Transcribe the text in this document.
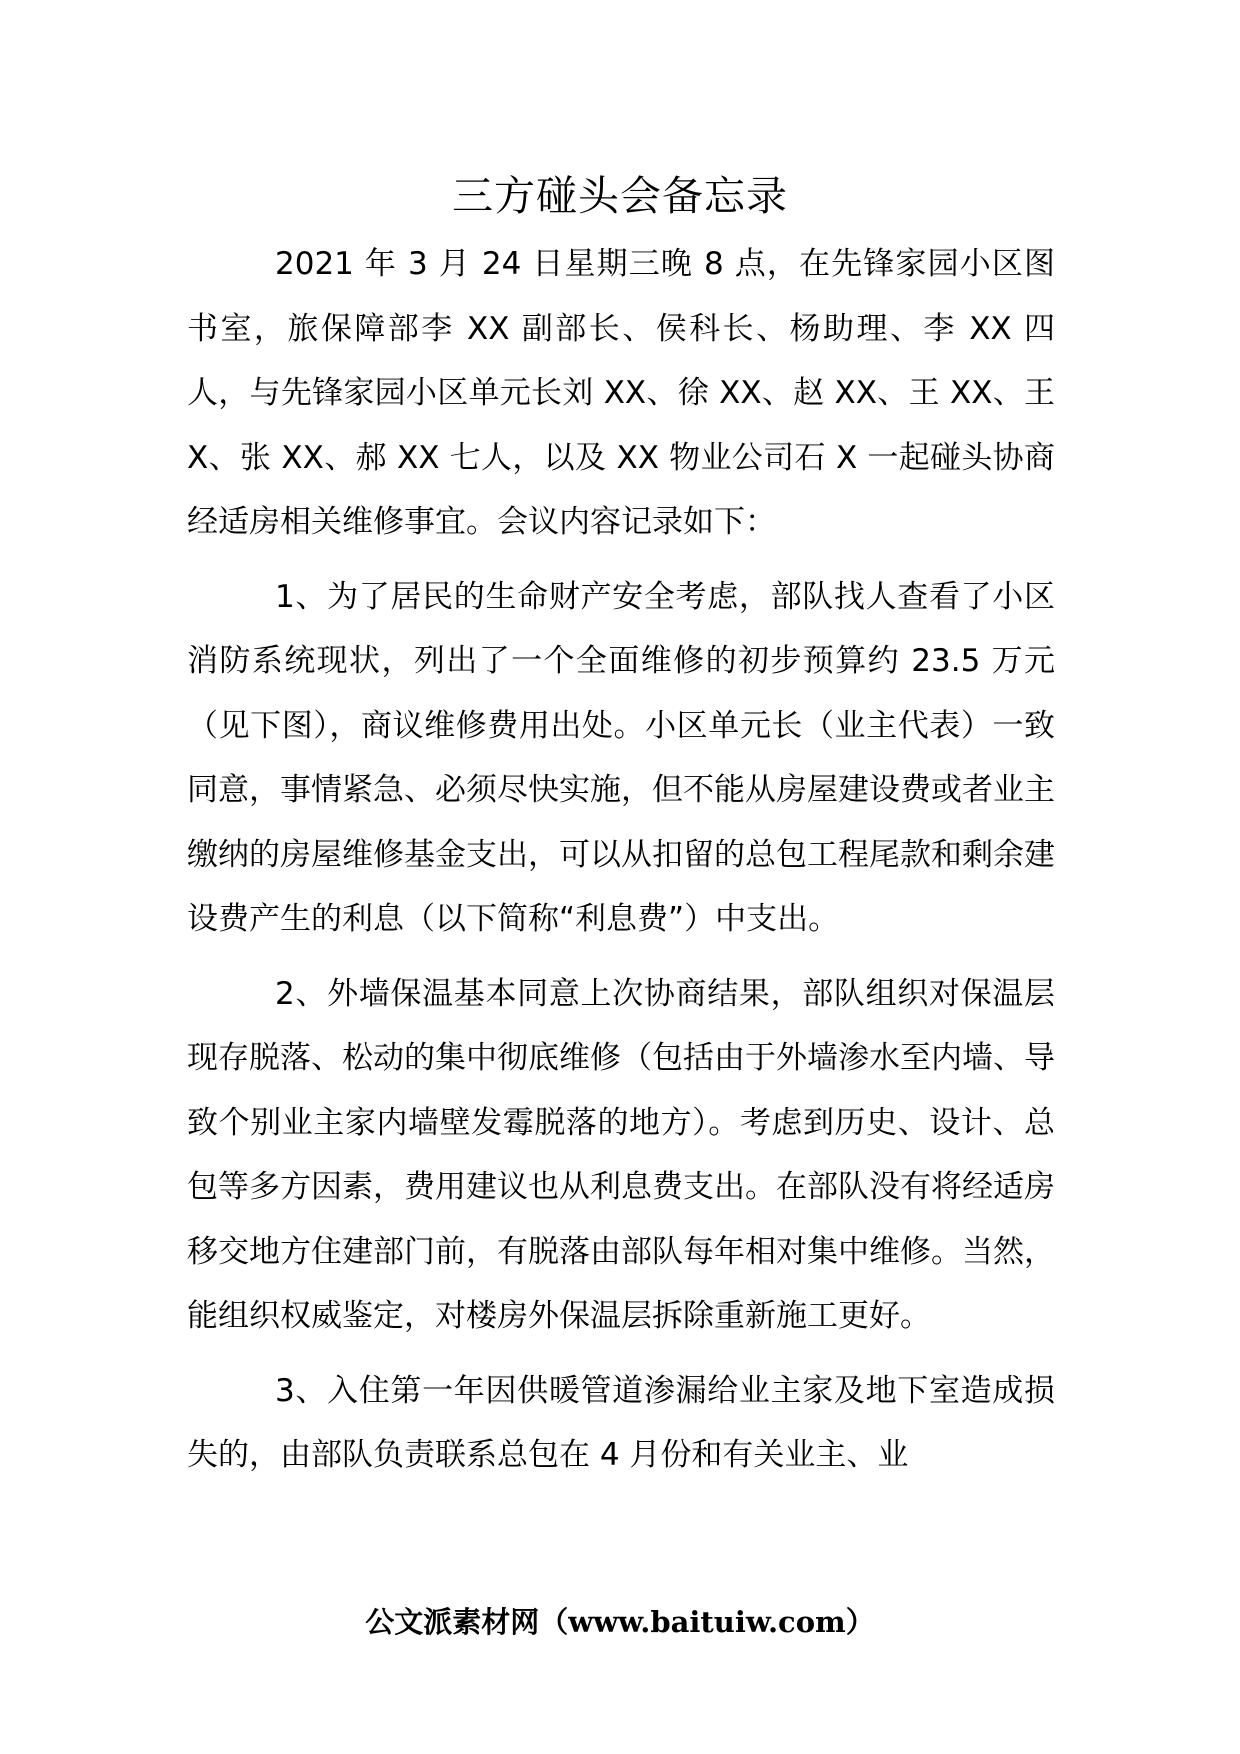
三方碰头会备忘录

2021 年 3 月 24 日星期三晚 8 点，在先锋家园小区图书室，旅保障部李 XX 副部长、侯科长、杨助理、李 XX 四人，与先锋家园小区单元长刘 XX、徐 XX、赵 XX、王 XX、王 X、张 XX、郝 XX 七人，以及 XX 物业公司石 X 一起碰头协商经适房相关维修事宜。会议内容记录如下：

1、为了居民的生命财产安全考虑，部队找人查看了小区消防系统现状，列出了一个全面维修的初步预算约 23.5 万元（见下图），商议维修费用出处。小区单元长（业主代表）一致同意，事情紧急、必须尽快实施，但不能从房屋建设费或者业主缴纳的房屋维修基金支出，可以从扣留的总包工程尾款和剩余建设费产生的利息（以下简称“利息费”）中支出。

2、外墙保温基本同意上次协商结果，部队组织对保温层现存脱落、松动的集中彻底维修（包括由于外墙渗水至内墙、导致个别业主家内墙壁发霉脱落的地方）。考虑到历史、设计、总包等多方因素，费用建议也从利息费支出。在部队没有将经适房移交地方住建部门前，有脱落由部队每年相对集中维修。当然，能组织权威鉴定，对楼房外保温层拆除重新施工更好。

3、入住第一年因供暖管道渗漏给业主家及地下室造成损失的，由部队负责联系总包在 4 月份和有关业主、业

公文派素材网（www.baituiw.com）
